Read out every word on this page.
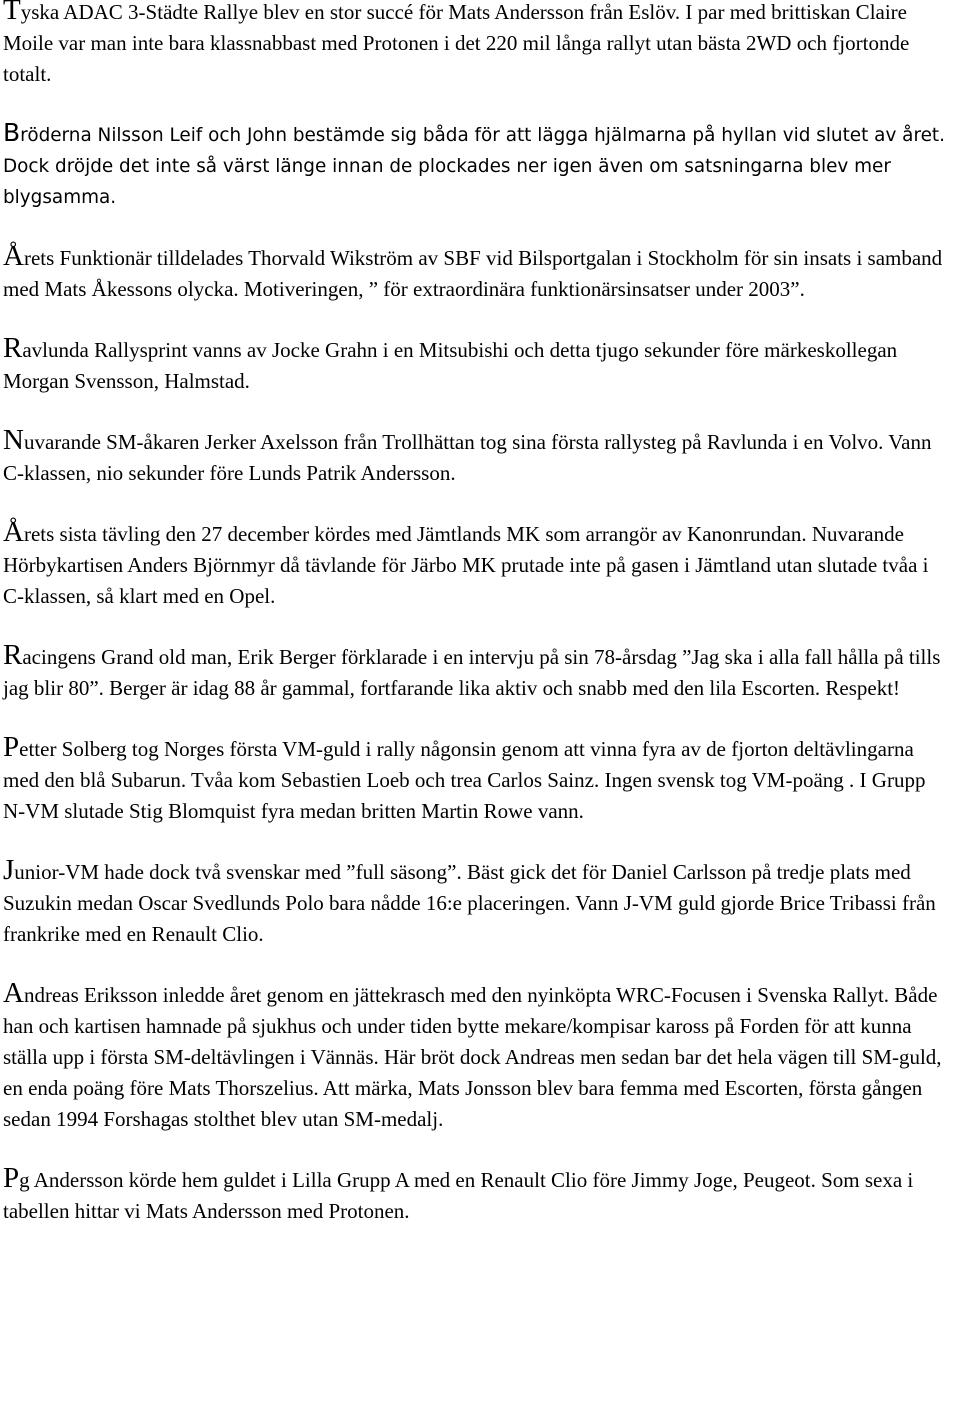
Tyska ADAC 3-Städte Rallye blev en stor succé för Mats Andersson från Eslöv. I par med brittiskan Claire Moile var man inte bara klassnabbast med Protonen i det 220 mil långa rallyt utan bästa 2WD och fjortonde totalt.

Bröderna Nilsson Leif och John bestämde sig båda för att lägga hjälmarna på hyllan vid slutet av året. Dock dröjde det inte så värst länge innan de plockades ner igen även om satsningarna blev mer blygsamma.

Årets Funktionär tilldelades Thorvald Wikström av SBF vid Bilsportgalan i Stockholm för sin insats i samband med Mats Åkessons olycka. Motiveringen, ” för extraordinära funktionärsinsatser under 2003”.

Ravlunda Rallysprint vanns av Jocke Grahn i en Mitsubishi och detta tjugo sekunder före märkeskollegan Morgan Svensson, Halmstad.

Nuvarande SM-åkaren Jerker Axelsson från Trollhättan tog sina första rallysteg på Ravlunda i en Volvo. Vann C-klassen, nio sekunder före Lunds Patrik Andersson.

Årets sista tävling den 27 december kördes med Jämtlands MK som arrangör av Kanonrundan. Nuvarande Hörbykartisen Anders Björnmyr då tävlande för Järbo MK prutade inte på gasen i Jämtland utan slutade tvåa i C-klassen, så klart med en Opel.

Racingens Grand old man, Erik Berger förklarade i en intervju på sin 78-årsdag ”Jag ska i alla fall hålla på tills jag blir 80”. Berger är idag 88 år gammal, fortfarande lika aktiv och snabb med den lila Escorten. Respekt!

Petter Solberg tog Norges första VM-guld i rally någonsin genom att vinna fyra av de fjorton deltävlingarna med den blå Subarun. Tvåa kom Sebastien Loeb och trea Carlos Sainz. Ingen svensk tog VM-poäng . I Grupp N-VM slutade Stig Blomquist fyra medan britten Martin Rowe vann.

Junior-VM hade dock två svenskar med ”full säsong”. Bäst gick det för Daniel Carlsson på tredje plats med Suzukin medan Oscar Svedlunds Polo bara nådde 16:e placeringen. Vann J-VM guld gjorde Brice Tribassi från frankrike med en Renault Clio.

Andreas Eriksson inledde året genom en jättekrasch med den nyinköpta WRC-Focusen i Svenska Rallyt. Både han och kartisen hamnade på sjukhus och under tiden bytte mekare/kompisar kaross på Forden för att kunna ställa upp i första SM-deltävlingen i Vännäs. Här bröt dock Andreas men sedan bar det hela vägen till SM-guld, en enda poäng före Mats Thorszelius. Att märka, Mats Jonsson blev bara femma med Escorten, första gången sedan 1994 Forshagas stolthet blev utan SM-medalj.

Pg Andersson körde hem guldet i Lilla Grupp A med en Renault Clio före Jimmy Joge, Peugeot. Som sexa i tabellen hittar vi Mats Andersson med Protonen.
